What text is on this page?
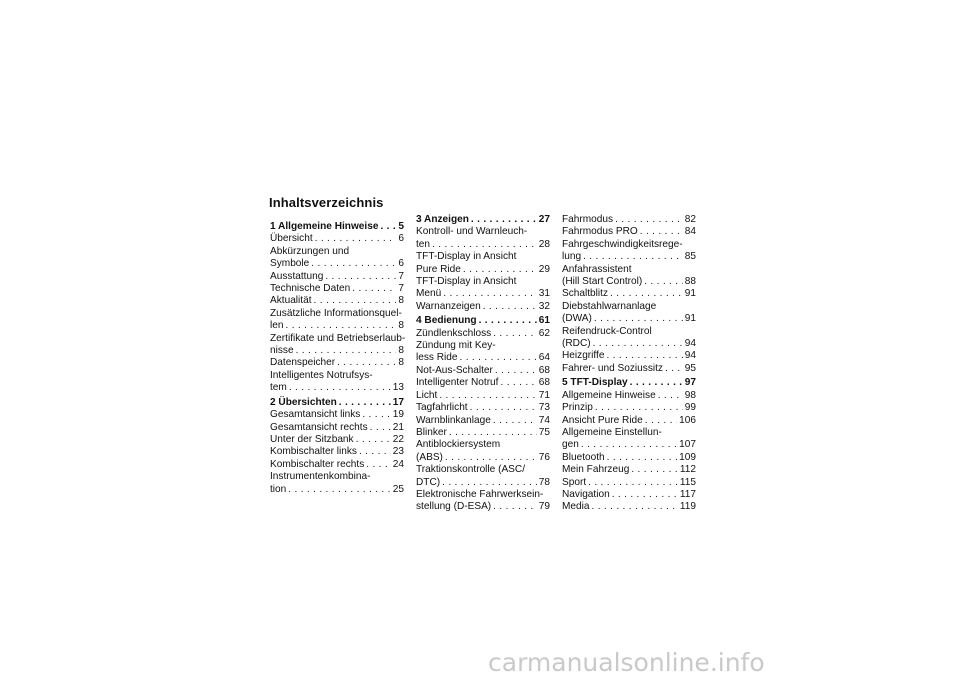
Inhaltsverzeichnis
1 Allgemeine Hinweise . . . 5
Übersicht . . .	6
Abkürzungen und
Symbole . . .	6
Ausstattung . . .	7
Technische Daten . . .	7
Aktualität . . .	8
Zusätzliche Informationsquel-
len . . .	8
Zertifikate und Betriebserlaub-
nisse . . .	8
Datenspeicher . . .	8
Intelligentes Notrufsys-
tem . . .	13
2 Übersichten . . .	17
Gesamtansicht links . . .	19
Gesamtansicht rechts . . . 21
Unter der Sitzbank . . .	22
Kombischalter links . . .	23
Kombischalter rechts . . .	24
Instrumentenkombina-
tion . . .	25
3 Anzeigen . . .	27
Kontroll- und Warnleuch-
ten . . .	28
TFT-Display in Ansicht
Pure Ride . . .	29
TFT-Display in Ansicht
Menü . . .	31
Warnanzeigen . . .	32
4 Bedienung . . .	61
Zündlenkschloss . . .	62
Zündung mit Key-
less Ride . . .	64
Not-Aus-Schalter . . .	68
Intelligenter Notruf . . .	68
Licht . . .	71
Tagfahrlicht . . .	73
Warnblinkanlage . . .	74
Blinker . . .	75
Antiblockiersystem
(ABS) . . .	76
Traktionskontrolle (ASC/
DTC) . . .	78
Elektronische Fahrwerksein-
stellung (D-ESA) . . .	79
Fahrmodus . . .	82
Fahrmodus PRO . . .	84
Fahrgeschwindigkeitsrege-
lung . . .	85
Anfahrassistent
(Hill Start Control) . . .	88
Schaltblitz . . .	91
Diebstahlwarnanlage
(DWA) . . .	91
Reifendruck-Control
(RDC) . . .	94
Heizgriffe . . .	94
Fahrer- und Soziussitz . . . 95
5 TFT-Display . . .	97
Allgemeine Hinweise . . .	98
Prinzip . . .	99
Ansicht Pure Ride . . .	106
Allgemeine Einstellun-
gen . . .	107
Bluetooth . . .	109
Mein Fahrzeug . . .	112
Sport . . .	115
Navigation . . .	117
Media . . .	119
carmanualsonline.info
